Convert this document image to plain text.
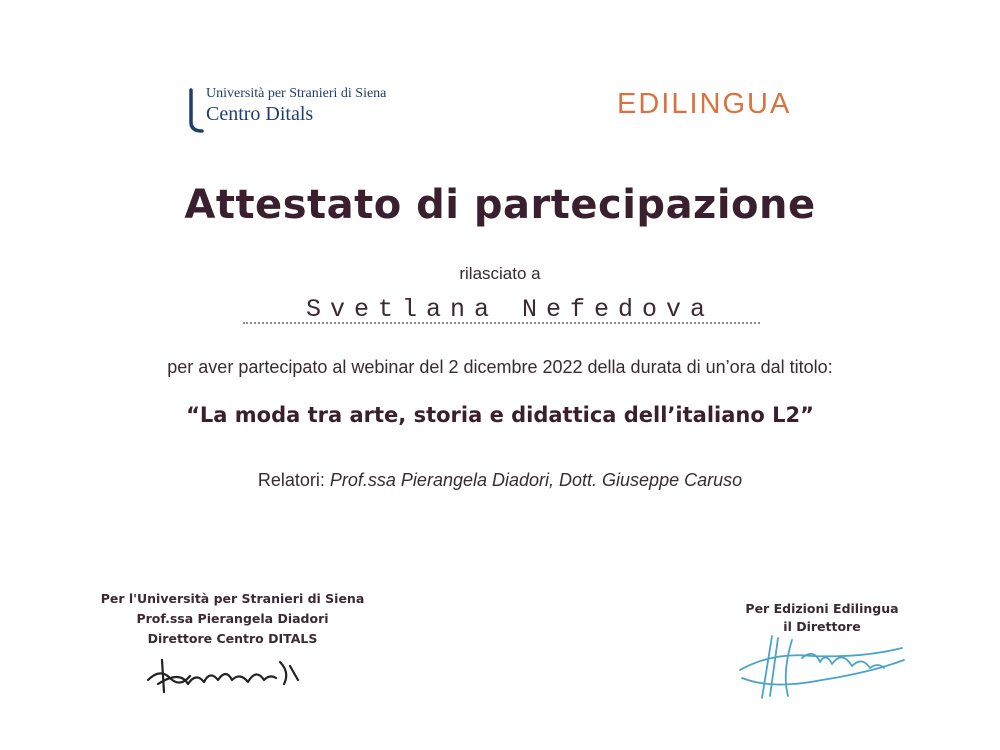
Università per Stranieri di Siena
Centro Ditals	EDILINGUA
Attestato di partecipazione
rilasciato a
Svetlana Nefedova
per aver partecipato al webinar del 2 dicembre 2022 della durata di un’ora dal titolo:
“La moda tra arte, storia e didattica dell’italiano L2”
Relatori: Prof.ssa Pierangela Diadori, Dott. Giuseppe Caruso
Per l'Università per Stranieri di Siena
Prof.ssa Pierangela Diadori
Direttore Centro DITALS
Per Edizioni Edilingua
il Direttore
